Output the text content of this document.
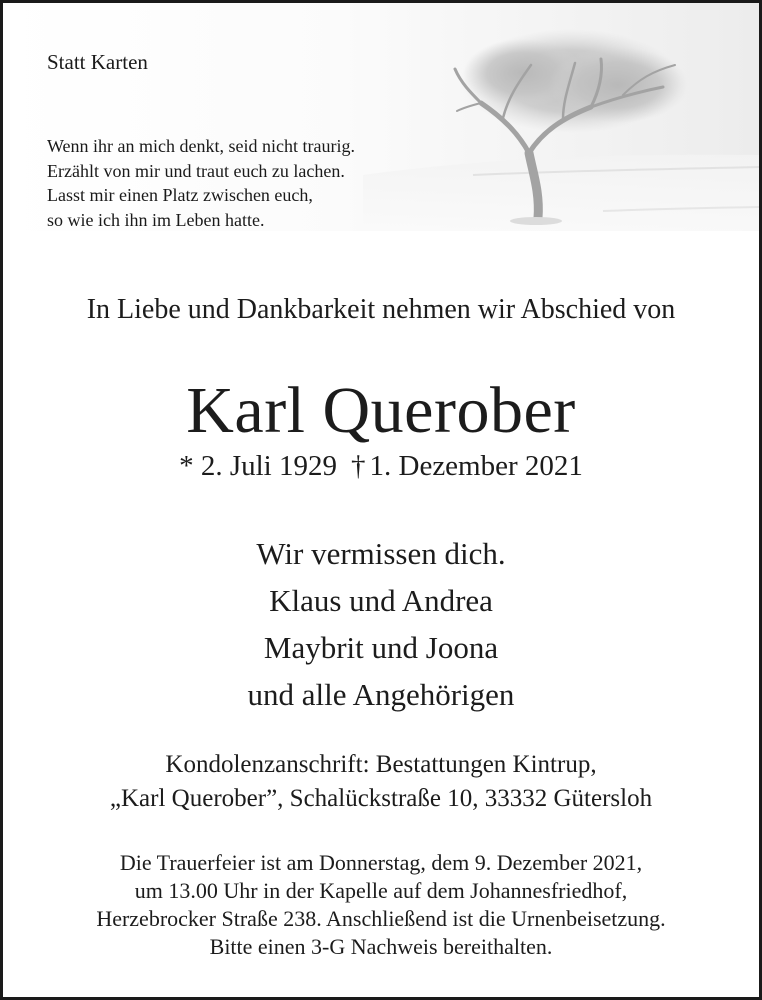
Statt Karten
Wenn ihr an mich denkt, seid nicht traurig.
Erzählt von mir und traut euch zu lachen.
Lasst mir einen Platz zwischen euch,
so wie ich ihn im Leben hatte.
In Liebe und Dankbarkeit nehmen wir Abschied von
Karl Querober
* 2. Juli 1929 † 1. Dezember 2021
Wir vermissen dich.
Klaus und Andrea
Maybrit und Joona
und alle Angehörigen
Kondolenzanschrift: Bestattungen Kintrup,
„Karl Querober”, Schalückstraße 10, 33332 Gütersloh
Die Trauerfeier ist am Donnerstag, dem 9. Dezember 2021,
um 13.00 Uhr in der Kapelle auf dem Johannesfriedhof,
Herzebrocker Straße 238. Anschließend ist die Urnenbeisetzung.
Bitte einen 3-G Nachweis bereithalten.
